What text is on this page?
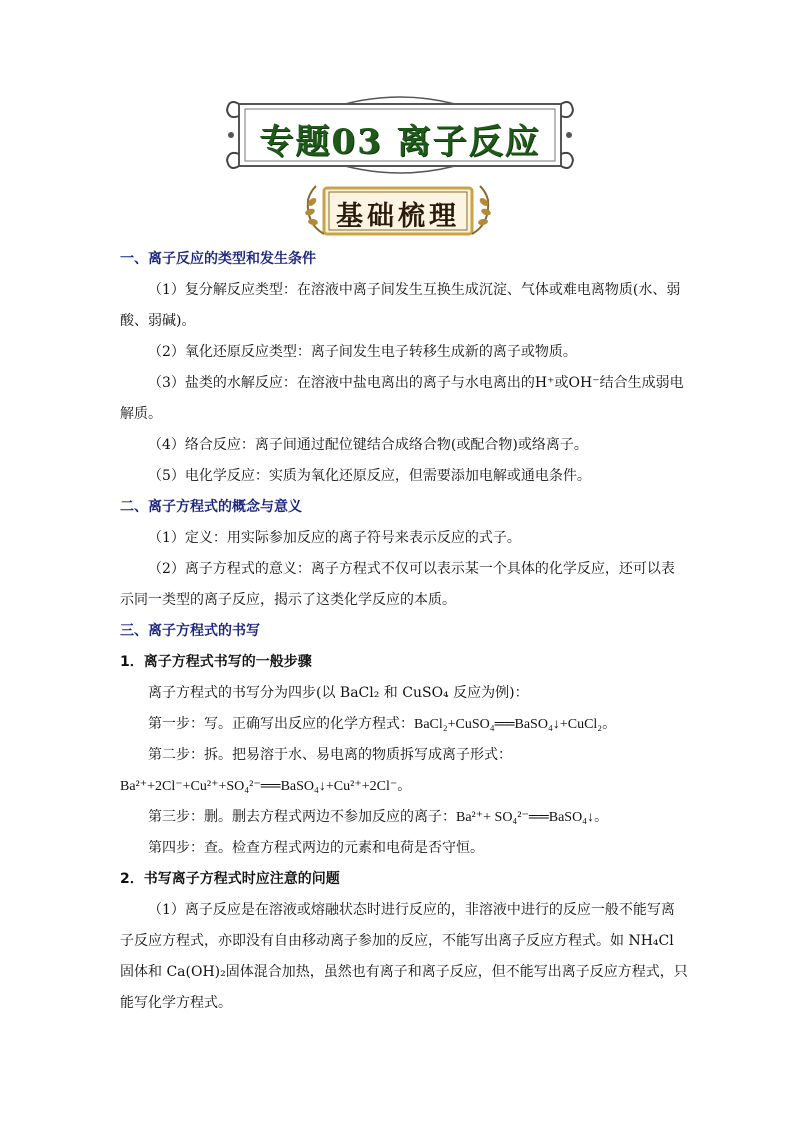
专题03 离子反应
基础梳理
一、离子反应的类型和发生条件
（1）复分解反应类型：在溶液中离子间发生互换生成沉淀、气体或难电离物质(水、弱
酸、弱碱)。
（2）氧化还原反应类型：离子间发生电子转移生成新的离子或物质。
（3）盐类的水解反应：在溶液中盐电离出的离子与水电离出的H⁺或OH⁻结合生成弱电
解质。
（4）络合反应：离子间通过配位键结合成络合物(或配合物)或络离子。
（5）电化学反应：实质为氧化还原反应，但需要添加电解或通电条件。
二、离子方程式的概念与意义
（1）定义：用实际参加反应的离子符号来表示反应的式子。
（2）离子方程式的意义：离子方程式不仅可以表示某一个具体的化学反应，还可以表
示同一类型的离子反应，揭示了这类化学反应的本质。
三、离子方程式的书写
1．离子方程式书写的一般步骤
离子方程式的书写分为四步(以 BaCl₂ 和 CuSO₄ 反应为例)：
第一步：写。正确写出反应的化学方程式：BaCl₂+CuSO₄══BaSO₄↓+CuCl₂。
第二步：拆。把易溶于水、易电离的物质拆写成离子形式：
Ba²⁺+2Cl⁻+Cu²⁺+SO₄²⁻══BaSO₄↓+Cu²⁺+2Cl⁻。
第三步：删。删去方程式两边不参加反应的离子：Ba²⁺+ SO₄²⁻══BaSO₄↓。
第四步：查。检查方程式两边的元素和电荷是否守恒。
2．书写离子方程式时应注意的问题
（1）离子反应是在溶液或熔融状态时进行反应的，非溶液中进行的反应一般不能写离
子反应方程式，亦即没有自由移动离子参加的反应，不能写出离子反应方程式。如 NH₄Cl
固体和 Ca(OH)₂固体混合加热，虽然也有离子和离子反应，但不能写出离子反应方程式，只
能写化学方程式。
